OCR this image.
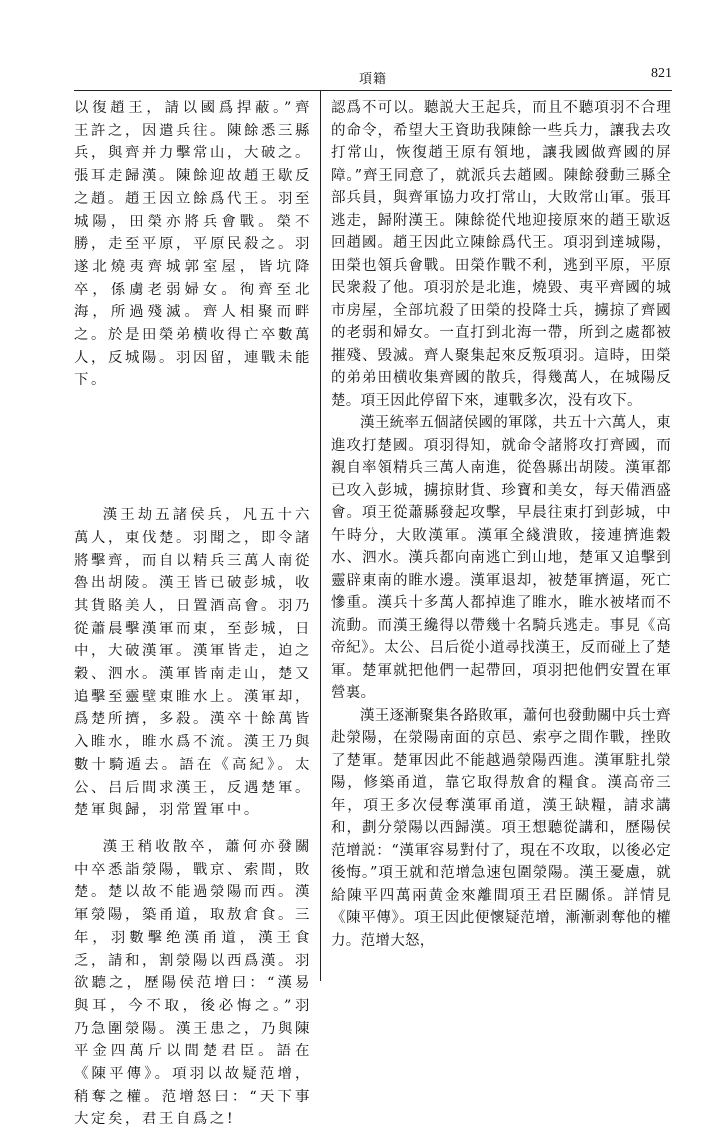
項籍	821

以復趙王，請以國爲捍蔽。”齊王許之，因遣兵往。陳餘悉三縣兵，與齊并力擊常山，大破之。張耳走歸漢。陳餘迎故趙王歇反之趙。趙王因立餘爲代王。羽至城陽，田榮亦將兵會戰。榮不勝，走至平原，平原民殺之。羽遂北燒夷齊城郭室屋，皆坑降卒，係虜老弱婦女。徇齊至北海，所過殘滅。齊人相聚而畔之。於是田榮弟横收得亡卒數萬人，反城陽。羽因留，連戰未能下。

漢王劫五諸侯兵，凡五十六萬人，東伐楚。羽聞之，即令諸將擊齊，而自以精兵三萬人南從魯出胡陵。漢王皆已破彭城，收其貨賂美人，日置酒高會。羽乃從蕭晨擊漢軍而東，至彭城，日中，大破漢軍。漢軍皆走，迫之穀、泗水。漢軍皆南走山，楚又追擊至靈壁東睢水上。漢軍却，爲楚所擠，多殺。漢卒十餘萬皆入睢水，睢水爲不流。漢王乃與數十騎遁去。語在《高紀》。太公、吕后間求漢王，反遇楚軍。楚軍與歸，羽常置軍中。

漢王稍收散卒，蕭何亦發關中卒悉詣滎陽，戰京、索間，敗楚。楚以故不能過滎陽而西。漢軍滎陽，築甬道，取敖倉食。三年，羽數擊绝漢甬道，漢王食乏，請和，割滎陽以西爲漢。羽欲聽之，歷陽侯范增曰：“漢易與耳，今不取，後必悔之。”羽乃急圍滎陽。漢王患之，乃與陳平金四萬斤以間楚君臣。語在《陳平傳》。項羽以故疑范增，稍奪之權。范增怒曰：“天下事大定矣，君王自爲之!

認爲不可以。聽説大王起兵，而且不聽項羽不合理的命令，希望大王資助我陳餘一些兵力，讓我去攻打常山，恢復趙王原有領地，讓我國做齊國的屏障。”齊王同意了，就派兵去趙國。陳餘發動三縣全部兵員，與齊軍協力攻打常山，大敗常山軍。張耳逃走，歸附漢王。陳餘從代地迎接原來的趙王歇返回趙國。趙王因此立陳餘爲代王。項羽到達城陽，田榮也領兵會戰。田榮作戰不利，逃到平原，平原民衆殺了他。項羽於是北進，燒毀、夷平齊國的城市房屋，全部坑殺了田榮的投降士兵，擄掠了齊國的老弱和婦女。一直打到北海一帶，所到之處都被摧殘、毁滅。齊人聚集起來反叛項羽。這時，田榮的弟弟田横收集齊國的散兵，得幾萬人，在城陽反楚。項王因此停留下來，連戰多次，没有攻下。

漢王統率五個諸侯國的軍隊，共五十六萬人，東進攻打楚國。項羽得知，就命令諸將攻打齊國，而親自率領精兵三萬人南進，從魯縣出胡陵。漢軍都已攻入彭城，擄掠財貨、珍寶和美女，每天備酒盛會。項王從蕭縣發起攻擊，早晨往東打到彭城，中午時分，大敗漢軍。漢軍全綫潰敗，接連擠進穀水、泗水。漢兵都向南逃亡到山地，楚軍又追擊到靈辟東南的睢水邊。漢軍退却，被楚軍擠逼，死亡慘重。漢兵十多萬人都掉進了睢水，睢水被堵而不流動。而漢王纔得以帶幾十名騎兵逃走。事見《高帝紀》。太公、吕后從小道尋找漢王，反而碰上了楚軍。楚軍就把他們一起帶回，項羽把他們安置在軍營裏。

漢王逐漸聚集各路敗軍，蕭何也發動關中兵士齊赴滎陽，在滎陽南面的京邑、索亭之間作戰，挫敗了楚軍。楚軍因此不能越過滎陽西進。漢軍駐扎滎陽，修築甬道，靠它取得敖倉的糧食。漢高帝三年，項王多次侵奪漢軍甬道，漢王缺糧，請求講和，劃分滎陽以西歸漢。項王想聽從講和，歷陽侯范增説：“漢軍容易對付了，現在不攻取，以後必定後悔。”項王就和范增急速包圍滎陽。漢王憂慮，就給陳平四萬兩黄金來離間項王君臣關係。詳情見《陳平傳》。項王因此便懷疑范增，漸漸剥奪他的權力。范增大怒，
